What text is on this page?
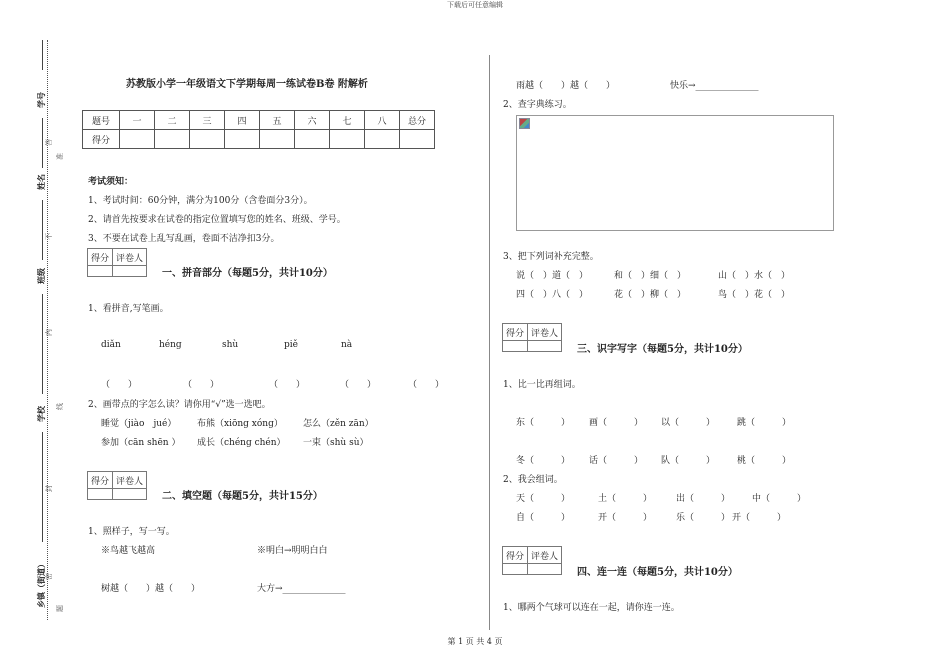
下载后可任意编辑
第 1 页 共 4 页
学号
姓名
班级
学校
乡镇（街道） 密
封
线
内
不
准
答
题
苏教版小学一年级语文下学期每周一练试卷B卷 附解析
题号	一	二	三	四	五	六	七	八	总分
得分									
考试须知：
1、考试时间：60分钟，满分为100分（含卷面分3分）。
2、请首先按要求在试卷的指定位置填写您的姓名、班级、学号。
3、不要在试卷上乱写乱画，卷面不洁净扣3分。
得分	评卷人

一、拼音部分（每题5分，共计10分）
1、看拼音,写笔画。
diǎn	héng	shù	piě	nà
（　　）	（　　）	（　　）	（　　）	（　　）
2、画带点的字怎么读？请你用“√”选一选吧。
睡觉（jiào　jué） 布熊（xiōng xóng） 怎么（zěn zān）
参加（cān shēn ） 成长（chéng chén） 一束（shù sù）
得分	评卷人

二、填空题（每题5分，共计15分）
1、照样子，写一写。
※鸟越飞越高	※明白→明明白白
树越（　　）越（　　）	大方→______________
雨越（　　）越（　　）	快乐→______________
2、查字典练习。
3、把下列词补充完整。
说（　）道（　）	和（　）细（　）	山（　）水（　）
四（　）八（　）	花（　）柳（　）	鸟（　）花（　）
得分	评卷人

三、识字写字（每题5分，共计10分）
1、比一比再组词。
东（　　　） 画（　　　） 以（　　　） 跳（　　　）
冬（　　　） 话（　　　） 队（　　　） 桃（　　　）
2、我会组词。
天（　　　）	土（　　　）	出（　　　） 中（　　　）
自（　　　）	开（　　　）	乐（　　　） 开（　　　）
得分	评卷人

四、连一连（每题5分，共计10分）
1、哪两个气球可以连在一起，请你连一连。
